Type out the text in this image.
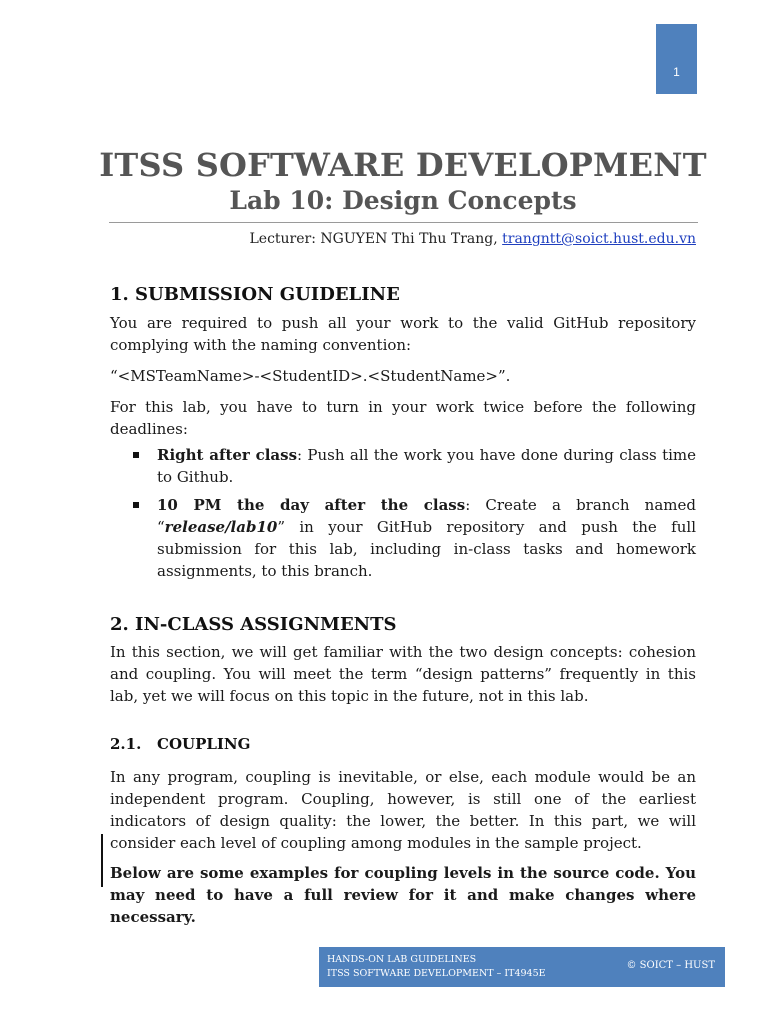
1
ITSS SOFTWARE DEVELOPMENT
Lab 10: Design Concepts
Lecturer: NGUYEN Thi Thu Trang, trangntt@soict.hust.edu.vn
1. SUBMISSION GUIDELINE

You are required to push all your work to the valid GitHub repository complying with the naming convention:

“<MSTeamName>-<StudentID>.<StudentName>”.

For this lab, you have to turn in your work twice before the following deadlines:

Right after class: Push all the work you have done during class time to Github.
10 PM the day after the class: Create a branch named “release/lab10” in your GitHub repository and push the full submission for this lab, including in-class tasks and homework assignments, to this branch.
2. IN-CLASS ASSIGNMENTS

In this section, we will get familiar with the two design concepts: cohesion and coupling. You will meet the term “design patterns” frequently in this lab, yet we will focus on this topic in the future, not in this lab.

2.1. COUPLING

In any program, coupling is inevitable, or else, each module would be an independent program. Coupling, however, is still one of the earliest indicators of design quality: the lower, the better. In this part, we will consider each level of coupling among modules in the sample project.

Below are some examples for coupling levels in the source code. You may need to have a full review for it and make changes where necessary.

HANDS-ON LAB GUIDELINES
ITSS SOFTWARE DEVELOPMENT – IT4945E
© SOICT – HUST
